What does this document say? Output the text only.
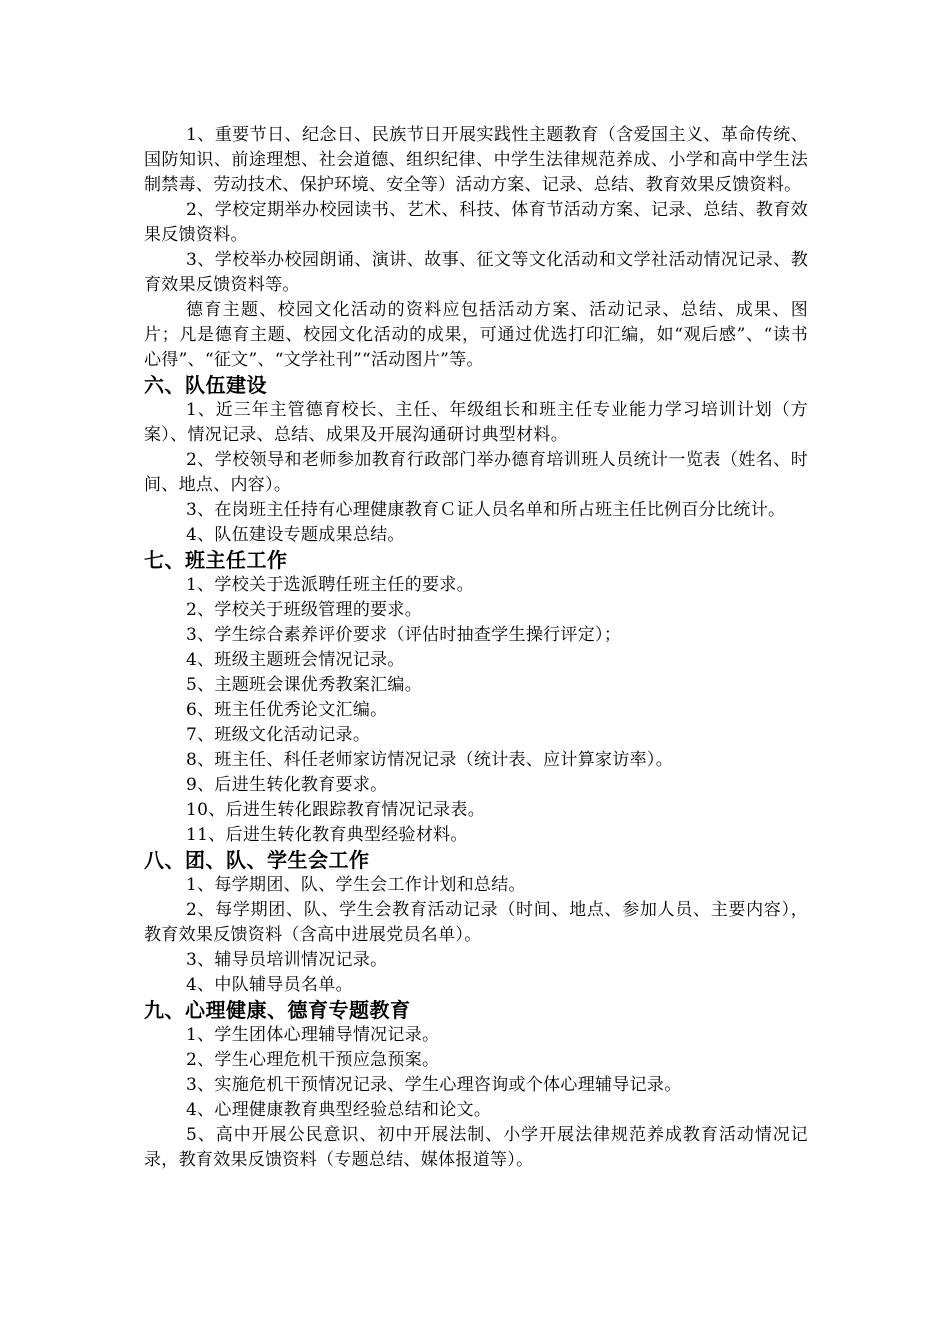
1、重要节日、纪念日、民族节日开展实践性主题教育（含爱国主义、革命传统、国防知识、前途理想、社会道德、组织纪律、中学生法律规范养成、小学和高中学生法制禁毒、劳动技术、保护环境、安全等）活动方案、记录、总结、教育效果反馈资料。

2、学校定期举办校园读书、艺术、科技、体育节活动方案、记录、总结、教育效果反馈资料。

3、学校举办校园朗诵、演讲、故事、征文等文化活动和文学社活动情况记录、教育效果反馈资料等。

德育主题、校园文化活动的资料应包括活动方案、活动记录、总结、成果、图片；凡是德育主题、校园文化活动的成果，可通过优选打印汇编，如“观后感”、“读书心得”、“征文”、“文学社刊”“活动图片”等。

六、队伍建设

1、近三年主管德育校长、主任、年级组长和班主任专业能力学习培训计划（方案）、情况记录、总结、成果及开展沟通研讨典型材料。

2、学校领导和老师参加教育行政部门举办德育培训班人员统计一览表（姓名、时间、地点、内容）。

3、在岗班主任持有心理健康教育Ｃ证人员名单和所占班主任比例百分比统计。

4、队伍建设专题成果总结。

七、班主任工作

1、学校关于选派聘任班主任的要求。

2、学校关于班级管理的要求。

3、学生综合素养评价要求（评估时抽查学生操行评定）；

4、班级主题班会情况记录。

5、主题班会课优秀教案汇编。

6、班主任优秀论文汇编。

7、班级文化活动记录。

8、班主任、科任老师家访情况记录（统计表、应计算家访率）。

9、后进生转化教育要求。

10、后进生转化跟踪教育情况记录表。

11、后进生转化教育典型经验材料。

八、团、队、学生会工作

1、每学期团、队、学生会工作计划和总结。

2、每学期团、队、学生会教育活动记录（时间、地点、参加人员、主要内容），教育效果反馈资料（含高中进展党员名单）。

3、辅导员培训情况记录。

4、中队辅导员名单。

九、心理健康、德育专题教育

1、学生团体心理辅导情况记录。

2、学生心理危机干预应急预案。

3、实施危机干预情况记录、学生心理咨询或个体心理辅导记录。

4、心理健康教育典型经验总结和论文。

5、高中开展公民意识、初中开展法制、小学开展法律规范养成教育活动情况记录，教育效果反馈资料（专题总结、媒体报道等）。
